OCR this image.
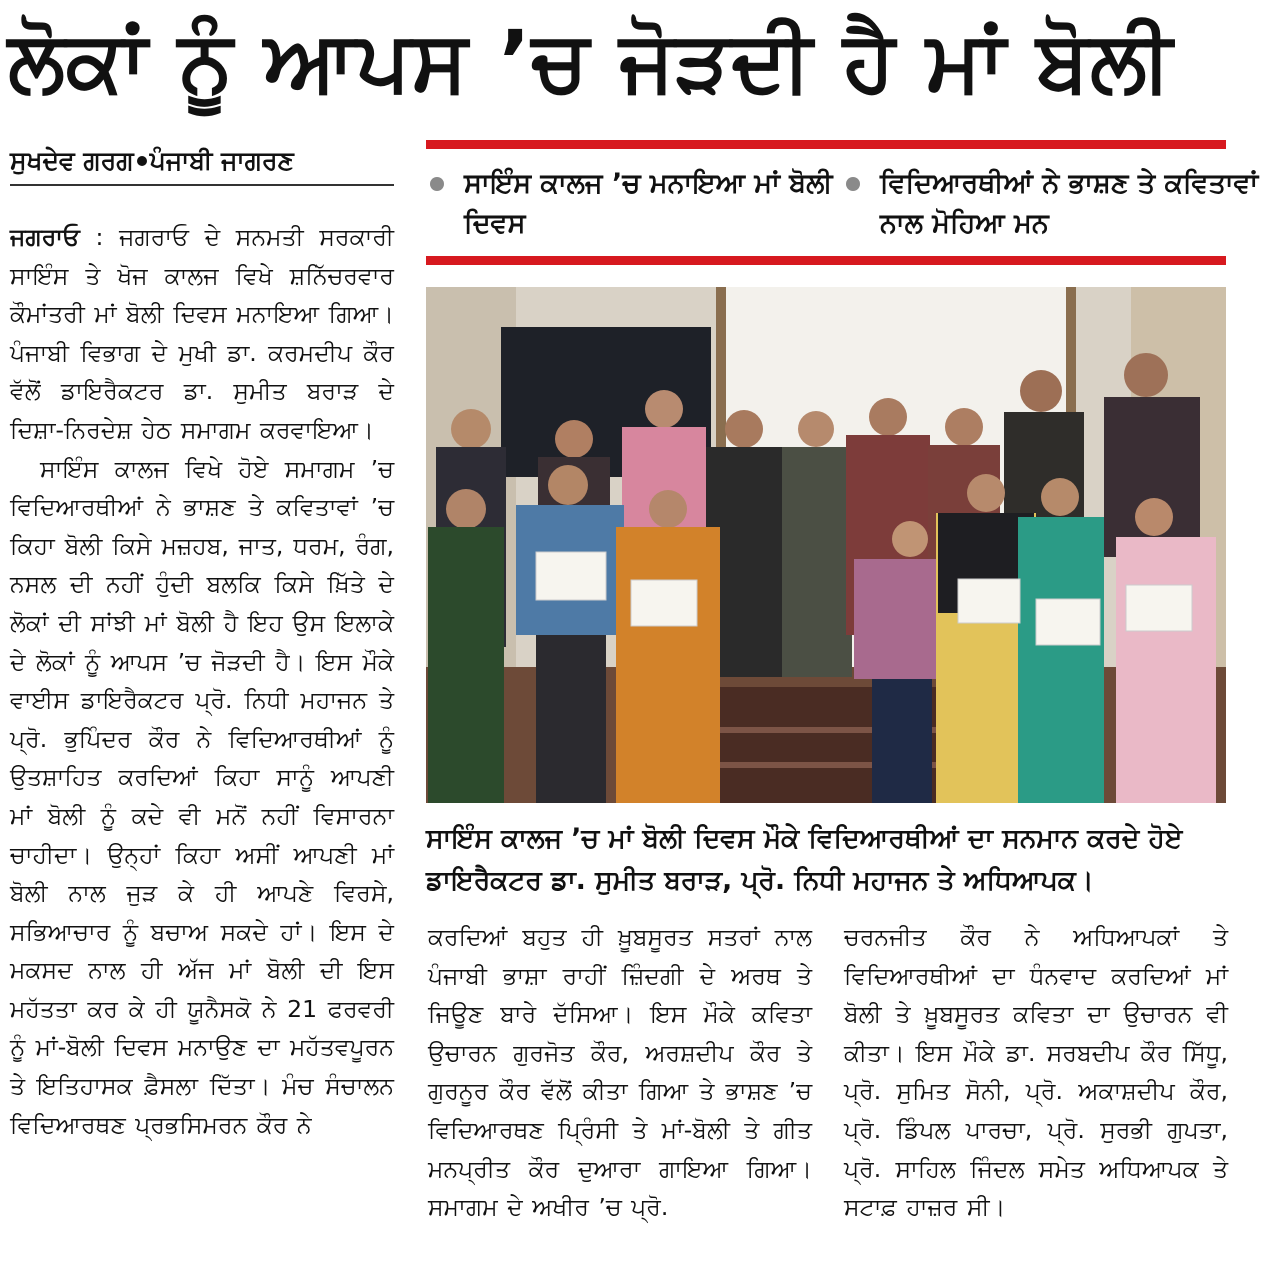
ਲੋਕਾਂ ਨੂੰ ਆਪਸ ’ਚ ਜੋੜਦੀ ਹੈ ਮਾਂ ਬੋਲੀ
ਸੁਖਦੇਵ ਗਰਗ ਪੰਜਾਬੀ ਜਾਗਰਣ
ਜਗਰਾਓ : ਜਗਰਾਓ ਦੇ ਸਨਮਤੀ ਸਰਕਾਰੀ ਸਾਇੰਸ ਤੇ ਖੋਜ ਕਾਲਜ ਵਿਖੇ ਸ਼ਨਿੱਚਰਵਾਰ ਕੌਮਾਂਤਰੀ ਮਾਂ ਬੋਲੀ ਦਿਵਸ ਮਨਾਇਆ ਗਿਆ। ਪੰਜਾਬੀ ਵਿਭਾਗ ਦੇ ਮੁਖੀ ਡਾ. ਕਰਮਦੀਪ ਕੌਰ ਵੱਲੋਂ ਡਾਇਰੈਕਟਰ ਡਾ. ਸੁਮੀਤ ਬਰਾੜ ਦੇ ਦਿਸ਼ਾ-ਨਿਰਦੇਸ਼ ਹੇਠ ਸਮਾਗਮ ਕਰਵਾਇਆ।
ਸਾਇੰਸ ਕਾਲਜ ਵਿਖੇ ਹੋਏ ਸਮਾਗਮ ’ਚ ਵਿਦਿਆਰਥੀਆਂ ਨੇ ਭਾਸ਼ਣ ਤੇ ਕਵਿਤਾਵਾਂ ’ਚ ਕਿਹਾ ਬੋਲੀ ਕਿਸੇ ਮਜ਼ਹਬ, ਜਾਤ, ਧਰਮ, ਰੰਗ, ਨਸਲ ਦੀ ਨਹੀਂ ਹੁੰਦੀ ਬਲਕਿ ਕਿਸੇ ਖ਼ਿੱਤੇ ਦੇ ਲੋਕਾਂ ਦੀ ਸਾਂਝੀ ਮਾਂ ਬੋਲੀ ਹੈ ਇਹ ਉਸ ਇਲਾਕੇ ਦੇ ਲੋਕਾਂ ਨੂੰ ਆਪਸ ’ਚ ਜੋੜਦੀ ਹੈ। ਇਸ ਮੌਕੇ ਵਾਈਸ ਡਾਇਰੈਕਟਰ ਪ੍ਰੋ. ਨਿਧੀ ਮਹਾਜਨ ਤੇ ਪ੍ਰੋ. ਭੁਪਿੰਦਰ ਕੌਰ ਨੇ ਵਿਦਿਆਰਥੀਆਂ ਨੂੰ ਉਤਸ਼ਾਹਿਤ ਕਰਦਿਆਂ ਕਿਹਾ ਸਾਨੂੰ ਆਪਣੀ ਮਾਂ ਬੋਲੀ ਨੂੰ ਕਦੇ ਵੀ ਮਨੋਂ ਨਹੀਂ ਵਿਸਾਰਨਾ ਚਾਹੀਦਾ। ਉਨ੍ਹਾਂ ਕਿਹਾ ਅਸੀਂ ਆਪਣੀ ਮਾਂ ਬੋਲੀ ਨਾਲ ਜੁੜ ਕੇ ਹੀ ਆਪਣੇ ਵਿਰਸੇ, ਸਭਿਆਚਾਰ ਨੂੰ ਬਚਾਅ ਸਕਦੇ ਹਾਂ। ਇਸ ਦੇ ਮਕਸਦ ਨਾਲ ਹੀ ਅੱਜ ਮਾਂ ਬੋਲੀ ਦੀ ਇਸ ਮਹੱਤਤਾ ਕਰ ਕੇ ਹੀ ਯੂਨੈਸਕੋ ਨੇ 21 ਫਰਵਰੀ ਨੂੰ ਮਾਂ-ਬੋਲੀ ਦਿਵਸ ਮਨਾਉਣ ਦਾ ਮਹੱਤਵਪੂਰਨ ਤੇ ਇਤਿਹਾਸਕ ਫ਼ੈਸਲਾ ਦਿੱਤਾ। ਮੰਚ ਸੰਚਾਲਨ ਵਿਦਿਆਰਥਣ ਪ੍ਰਭਸਿਮਰਨ ਕੌਰ ਨੇ
ਸਾਇੰਸ ਕਾਲਜ ’ਚ ਮਨਾਇਆ ਮਾਂ ਬੋਲੀ ਦਿਵਸ
ਵਿਦਿਆਰਥੀਆਂ ਨੇ ਭਾਸ਼ਣ ਤੇ ਕਵਿਤਾਵਾਂ ਨਾਲ ਮੋਹਿਆ ਮਨ
ਸਾਇੰਸ ਕਾਲਜ ’ਚ ਮਾਂ ਬੋਲੀ ਦਿਵਸ ਮੌਕੇ ਵਿਦਿਆਰਥੀਆਂ ਦਾ ਸਨਮਾਨ ਕਰਦੇ ਹੋਏ ਡਾਇਰੈਕਟਰ ਡਾ. ਸੁਮੀਤ ਬਰਾੜ, ਪ੍ਰੋ. ਨਿਧੀ ਮਹਾਜਨ ਤੇ ਅਧਿਆਪਕ।
ਕਰਦਿਆਂ ਬਹੁਤ ਹੀ ਖ਼ੂਬਸੂਰਤ ਸਤਰਾਂ ਨਾਲ ਪੰਜਾਬੀ ਭਾਸ਼ਾ ਰਾਹੀਂ ਜ਼ਿੰਦਗੀ ਦੇ ਅਰਥ ਤੇ ਜਿਊਣ ਬਾਰੇ ਦੱਸਿਆ। ਇਸ ਮੌਕੇ ਕਵਿਤਾ ਉਚਾਰਨ ਗੁਰਜੋਤ ਕੌਰ, ਅਰਸ਼ਦੀਪ ਕੌਰ ਤੇ ਗੁਰਨੂਰ ਕੌਰ ਵੱਲੋਂ ਕੀਤਾ ਗਿਆ ਤੇ ਭਾਸ਼ਣ ’ਚ ਵਿਦਿਆਰਥਣ ਪ੍ਰਿੰਸੀ ਤੇ ਮਾਂ-ਬੋਲੀ ਤੇ ਗੀਤ ਮਨਪ੍ਰੀਤ ਕੌਰ ਦੁਆਰਾ ਗਾਇਆ ਗਿਆ। ਸਮਾਗਮ ਦੇ ਅਖੀਰ ’ਚ ਪ੍ਰੋ.
ਚਰਨਜੀਤ ਕੌਰ ਨੇ ਅਧਿਆਪਕਾਂ ਤੇ ਵਿਦਿਆਰਥੀਆਂ ਦਾ ਧੰਨਵਾਦ ਕਰਦਿਆਂ ਮਾਂ ਬੋਲੀ ਤੇ ਖ਼ੂਬਸੂਰਤ ਕਵਿਤਾ ਦਾ ਉਚਾਰਨ ਵੀ ਕੀਤਾ। ਇਸ ਮੌਕੇ ਡਾ. ਸਰਬਦੀਪ ਕੌਰ ਸਿੱਧੂ, ਪ੍ਰੋ. ਸੁਮਿਤ ਸੋਨੀ, ਪ੍ਰੋ. ਅਕਾਸ਼ਦੀਪ ਕੌਰ, ਪ੍ਰੋ. ਡਿੰਪਲ ਪਾਰਚਾ, ਪ੍ਰੋ. ਸੁਰਭੀ ਗੁਪਤਾ, ਪ੍ਰੋ. ਸਾਹਿਲ ਜਿੰਦਲ ਸਮੇਤ ਅਧਿਆਪਕ ਤੇ ਸਟਾਫ਼ ਹਾਜ਼ਰ ਸੀ।
